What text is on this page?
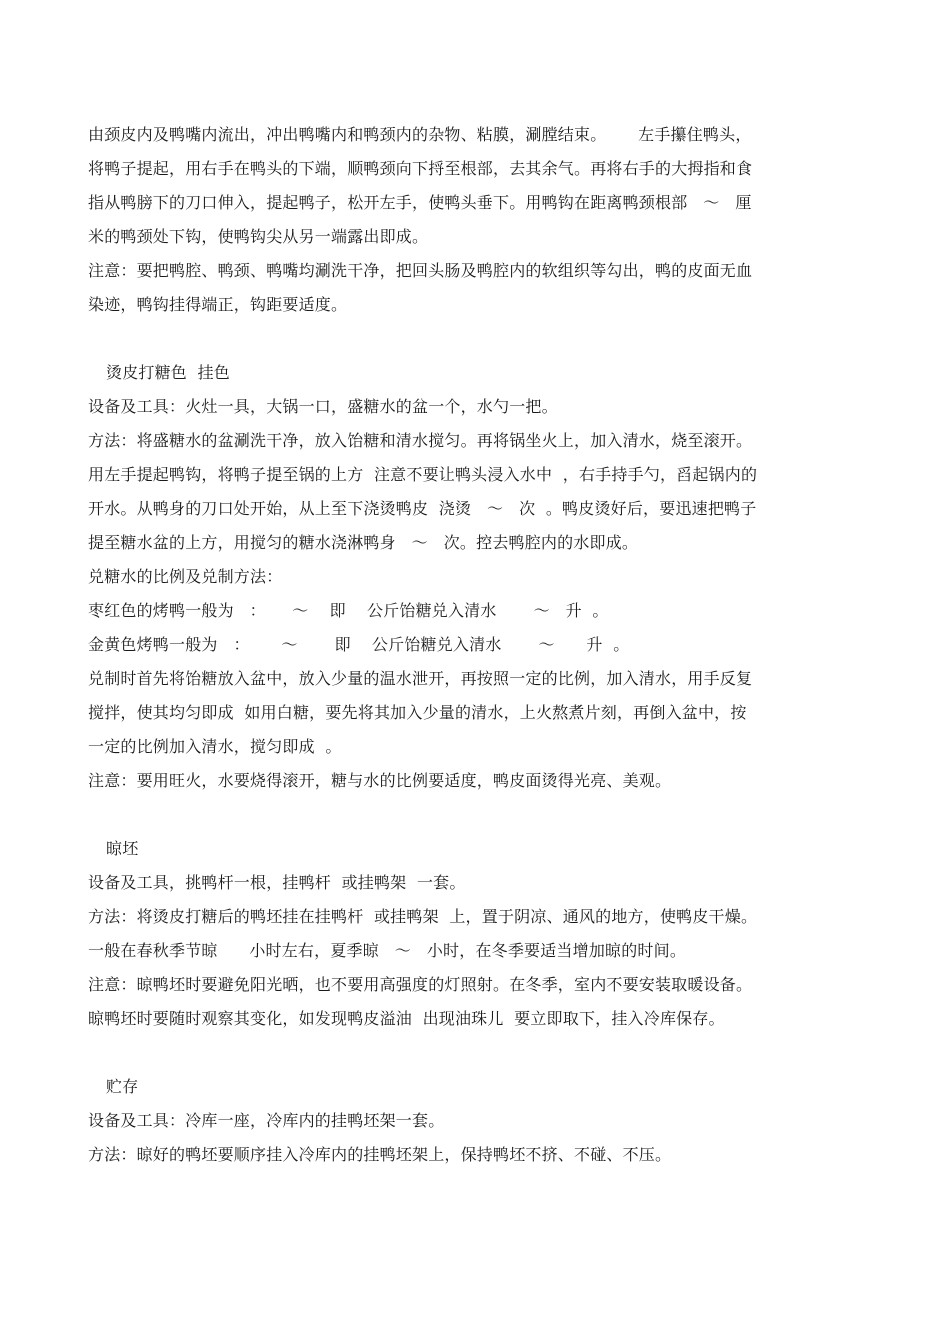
由颈皮内及鸭嘴内流出，冲出鸭嘴内和鸭颈内的杂物、粘膜，涮膛结束。      左手攥住鸭头，
将鸭子提起，用右手在鸭头的下端，顺鸭颈向下捋至根部，去其余气。再将右手的大拇指和食
指从鸭膀下的刀口伸入，提起鸭子，松开左手，使鸭头垂下。用鸭钩在距离鸭颈根部   ～   厘
米的鸭颈处下钩，使鸭钩尖从另一端露出即成。
注意：要把鸭腔、鸭颈、鸭嘴均涮洗干净，把回头肠及鸭腔内的软组织等勾出，鸭的皮面无血
染迹，鸭钩挂得端正，钩距要适度。
烫皮打糖色  挂色
设备及工具：火灶一具，大锅一口，盛糖水的盆一个，水勺一把。
方法：将盛糖水的盆涮洗干净，放入饴糖和清水搅匀。再将锅坐火上，加入清水，烧至滚开。
用左手提起鸭钩，将鸭子提至锅的上方  注意不要让鸭头浸入水中  ，右手持手勺，舀起锅内的
开水。从鸭身的刀口处开始，从上至下浇烫鸭皮  浇烫   ～   次  。鸭皮烫好后，要迅速把鸭子
提至糖水盆的上方，用搅匀的糖水浇淋鸭身   ～   次。控去鸭腔内的水即成。
兑糖水的比例及兑制方法：
枣红色的烤鸭一般为   ：     ～    即    公斤饴糖兑入清水       ～   升  。
金黄色烤鸭一般为   ：      ～       即    公斤饴糖兑入清水       ～      升  。
兑制时首先将饴糖放入盆中，放入少量的温水泄开，再按照一定的比例，加入清水，用手反复
搅拌，使其均匀即成  如用白糖，要先将其加入少量的清水，上火熬煮片刻，再倒入盆中，按
一定的比例加入清水，搅匀即成  。
注意：要用旺火，水要烧得滚开，糖与水的比例要适度，鸭皮面烫得光亮、美观。
晾坯
设备及工具，挑鸭杆一根，挂鸭杆  或挂鸭架  一套。
方法：将烫皮打糖后的鸭坯挂在挂鸭杆  或挂鸭架  上，置于阴凉、通风的地方，使鸭皮干燥。
一般在春秋季节晾      小时左右，夏季晾   ～   小时，在冬季要适当增加晾的时间。
注意：晾鸭坯时要避免阳光晒，也不要用高强度的灯照射。在冬季，室内不要安装取暖设备。
晾鸭坯时要随时观察其变化，如发现鸭皮溢油  出现油珠儿  要立即取下，挂入冷库保存。
贮存
设备及工具：冷库一座，冷库内的挂鸭坯架一套。
方法：晾好的鸭坯要顺序挂入冷库内的挂鸭坯架上，保持鸭坯不挤、不碰、不压。
